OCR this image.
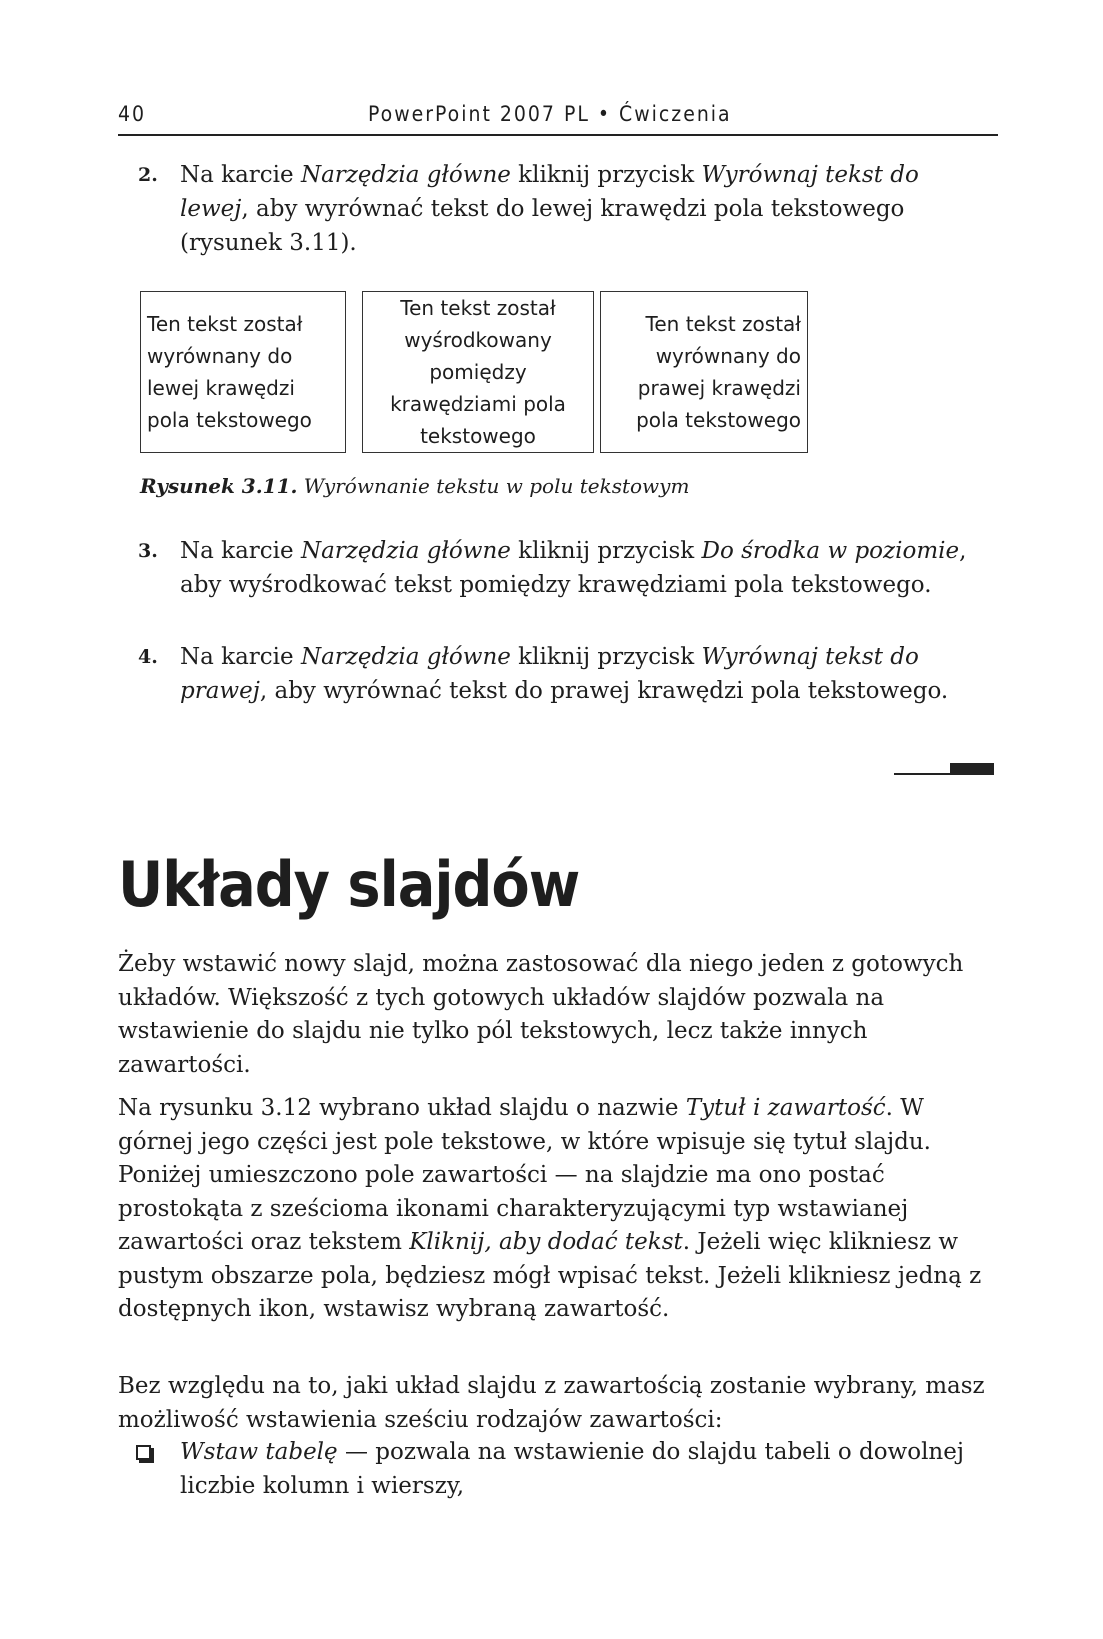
40	PowerPoint 2007 PL • Ćwiczenia
2. Na karcie Narzędzia główne kliknij przycisk Wyrównaj tekst do lewej, aby wyrównać tekst do lewej krawędzi pola tekstowego (rysunek 3.11).
Ten tekst został
wyrównany do
lewej krawędzi
pola tekstowego
Ten tekst został
wyśrodkowany
pomiędzy
krawędziami pola
tekstowego
Ten tekst został
wyrównany do
prawej krawędzi
pola tekstowego
Rysunek 3.11. Wyrównanie tekstu w polu tekstowym
3. Na karcie Narzędzia główne kliknij przycisk Do środka w poziomie, aby wyśrodkować tekst pomiędzy krawędziami pola tekstowego.
4. Na karcie Narzędzia główne kliknij przycisk Wyrównaj tekst do prawej, aby wyrównać tekst do prawej krawędzi pola tekstowego.
Układy slajdów
Żeby wstawić nowy slajd, można zastosować dla niego jeden z gotowych układów. Większość z tych gotowych układów slajdów pozwala na wstawienie do slajdu nie tylko pól tekstowych, lecz także innych zawartości.
Na rysunku 3.12 wybrano układ slajdu o nazwie Tytuł i zawartość. W górnej jego części jest pole tekstowe, w które wpisuje się tytuł slajdu. Poniżej umieszczono pole zawartości — na slajdzie ma ono postać prostokąta z sześcioma ikonami charakteryzującymi typ wstawianej zawartości oraz tekstem Kliknij, aby dodać tekst. Jeżeli więc klikniesz w pustym obszarze pola, będziesz mógł wpisać tekst. Jeżeli klikniesz jedną z dostępnych ikon, wstawisz wybraną zawartość.
Bez względu na to, jaki układ slajdu z zawartością zostanie wybrany, masz możliwość wstawienia sześciu rodzajów zawartości:
Wstaw tabelę — pozwala na wstawienie do slajdu tabeli o dowolnej liczbie kolumn i wierszy,
